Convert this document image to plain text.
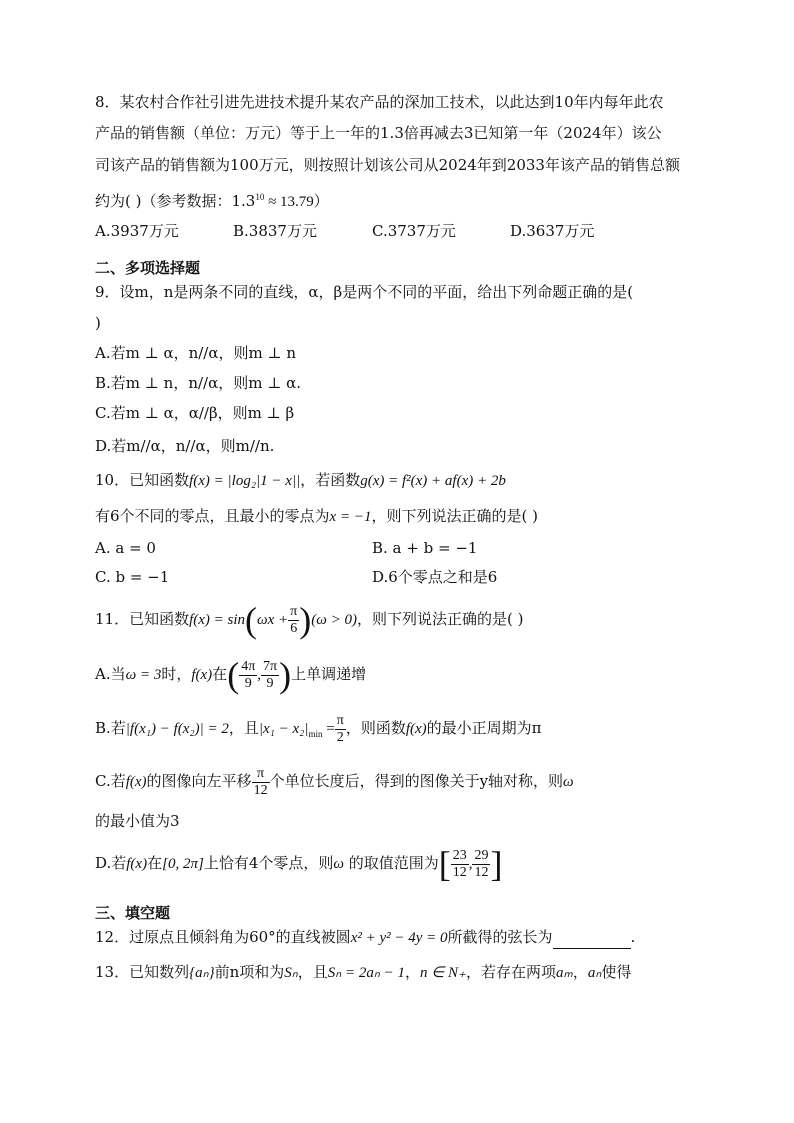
8．某农村合作社引进先进技术提升某农产品的深加工技术，以此达到10年内每年此农
产品的销售额（单位：万元）等于上一年的1.3倍再减去3已知第一年（2024年）该公
司该产品的销售额为100万元，则按照计划该公司从2024年到2033年该产品的销售总额
约为( )（参考数据：$1.3^{10} \approx 13.79$）
A.3937万元	B.3837万元	C.3737万元	D.3637万元
二、多项选择题
9．设m，n是两条不同的直线，α，β是两个不同的平面，给出下列命题正确的是(
)
A.若m ⊥ α，n//α，则m ⊥ n
B.若m ⊥ n，n//α，则m ⊥ α.
C.若m ⊥ α，α//β，则m ⊥ β
D.若m//α，n//α，则m//n.
10．已知函数f(x) = |log₂|1 − x||，若函数g(x) = f²(x) + af(x) + 2b
有6个不同的零点，且最小的零点为x = −1，则下列说法正确的是( )
A. a = 0	B. a + b = −1
C. b = −1	D.6个零点之和是6
11．已知函数$f(x) = \sin(\omega x + \frac{\pi}{6} )(\omega > 0)$，则下列说法正确的是( )
A.当ω = 3时，f(x)在( $\frac{4\pi}{9}$ , $\frac{7\pi}{9}$ )上单调递增
B.若|f(x₁) − f(x₂)| = 2，且$|x_1 - x_2|_{min} = \frac{\pi}{2}$ ，则函数f(x)的最小正周期为π
C.若f(x)的图像向左平移 $\frac{\pi}{12}$ 个单位长度后，得到的图像关于y轴对称，则ω
的最小值为3
D.若f(x)在[0, 2π]上恰有4个零点，则ω 的取值范围为[ $\frac{23}{12}$ , $\frac{29}{12}$ ]
三、填空题
12．过原点且倾斜角为60°的直线被圆x² + y² − 4y = 0所截得的弦长为	.
13．已知数列{aₙ}前n项和为Sₙ，且Sₙ = 2aₙ − 1，n ∈ N₊，若存在两项aₘ，aₙ使得
